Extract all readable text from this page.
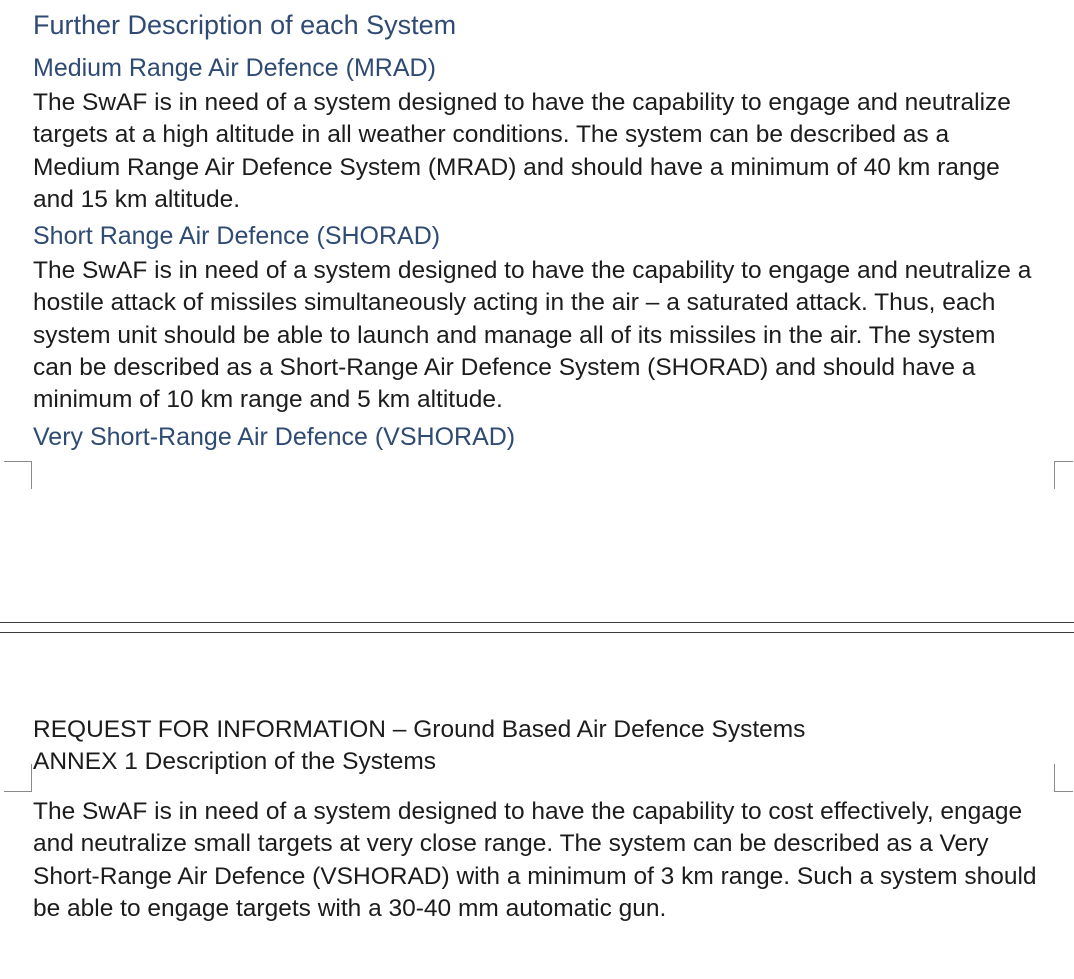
Further Description of each System

Medium Range Air Defence (MRAD)

The SwAF is in need of a system designed to have the capability to engage and neutralize targets at a high altitude in all weather conditions. The system can be described as a Medium Range Air Defence System (MRAD) and should have a minimum of 40 km range and 15 km altitude.

Short Range Air Defence (SHORAD)

The SwAF is in need of a system designed to have the capability to engage and neutralize a hostile attack of missiles simultaneously acting in the air – a saturated attack. Thus, each system unit should be able to launch and manage all of its missiles in the air. The system can be described as a Short-Range Air Defence System (SHORAD) and should have a minimum of 10 km range and 5 km altitude.

Very Short-Range Air Defence (VSHORAD)

REQUEST FOR INFORMATION – Ground Based Air Defence Systems

ANNEX 1 Description of the Systems

The SwAF is in need of a system designed to have the capability to cost effectively, engage and neutralize small targets at very close range. The system can be described as a Very Short-Range Air Defence (VSHORAD) with a minimum of 3 km range. Such a system should be able to engage targets with a 30-40 mm automatic gun.
